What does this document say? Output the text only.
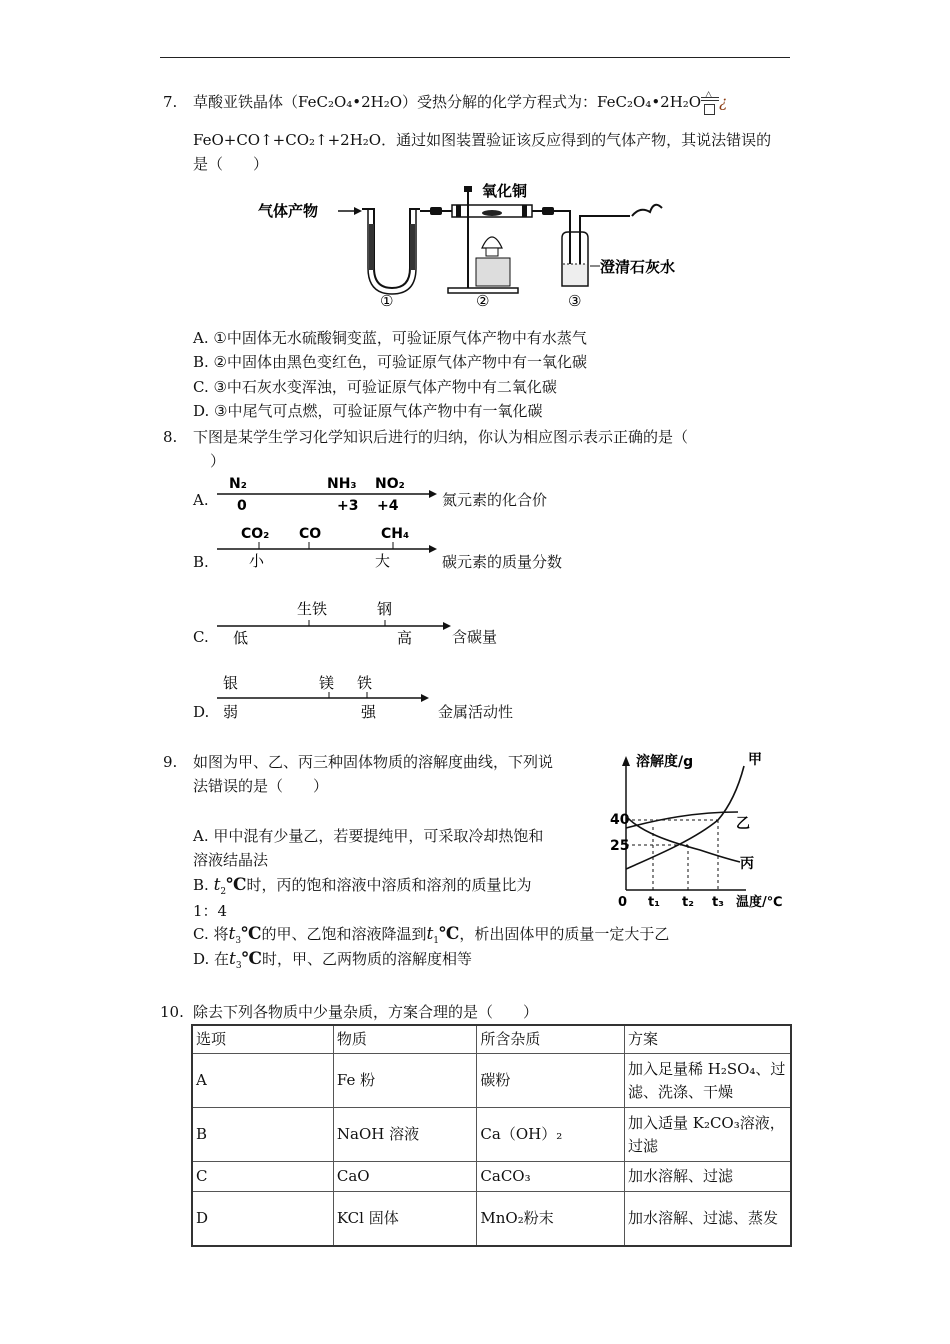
7. 草酸亚铁晶体（FeC₂O₄•2H₂O）受热分解的化学方程式为：FeC₂O₄•2H₂O △ ¿
FeO+CO↑+CO₂↑+2H₂O．通过如图装置验证该反应得到的气体产物，其说法错误的
是（　　）
气体产物
氧化铜
澄清石灰水
①	②	③
A. ①中固体无水硫酸铜变蓝，可验证原气体产物中有水蒸气
B. ②中固体由黑色变红色，可验证原气体产物中有一氧化碳
C. ③中石灰水变浑浊，可验证原气体产物中有二氧化碳
D. ③中尾气可点燃，可验证原气体产物中有一氧化碳
8. 下图是某学生学习化学知识后进行的归纳，你认为相应图示表示正确的是（
）
A.
N₂	NH₃ NO₂
0	+3 +4	氮元素的化合价
B.
CO₂ CO	CH₄
小	大	碳元素的质量分数
C.
生铁	钢
低	高	含碳量
D.
银	镁 铁
弱	强	金属活动性
9. 如图为甲、乙、丙三种固体物质的溶解度曲线，下列说
法错误的是（　　）
A. 甲中混有少量乙，若要提纯甲，可采取冷却热饱和
溶液结晶法
B. $t_2℃$时，丙的饱和溶液中溶质和溶剂的质量比为
1：4
C. 将$t_3℃$的甲、乙饱和溶液降温到$t_1℃$，析出固体甲的质量一定大于乙
D. 在$t_3℃$时，甲、乙两物质的溶解度相等
溶解度/g
40
25
0 t₁ t₂ t₃ 温度/℃
甲
乙
丙
10. 除去下列各物质中少量杂质，方案合理的是（　　）
选项	物质	所含杂质	方案
A	Fe 粉	碳粉	加入足量稀 H₂SO₄、过滤、洗涤、干燥
B	NaOH 溶液	Ca（OH）₂	加入适量 K₂CO₃溶液，过滤
C	CaO	CaCO₃	加水溶解、过滤
D	KCl 固体	MnO₂粉末	加水溶解、过滤、蒸发
